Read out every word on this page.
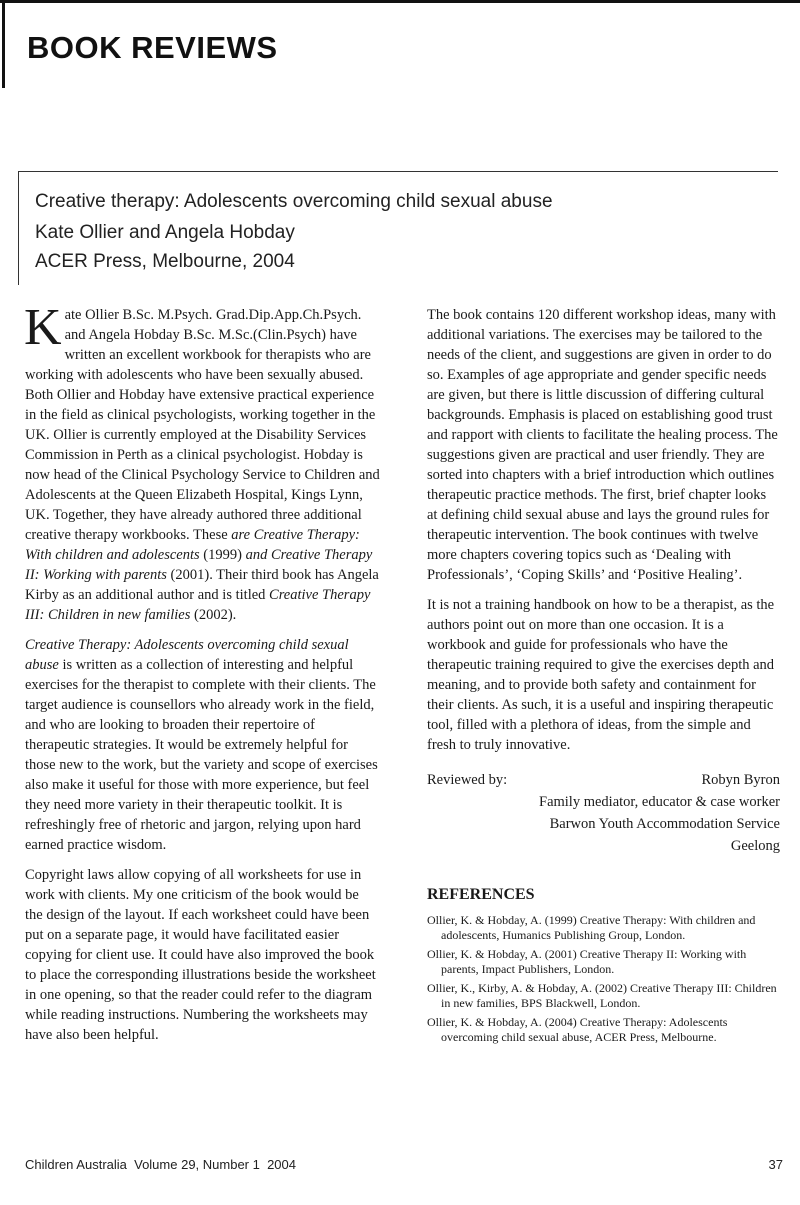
BOOK REVIEWS
Creative therapy: Adolescents overcoming child sexual abuse
Kate Ollier and Angela Hobday
ACER Press, Melbourne, 2004

Kate Ollier B.Sc. M.Psych. Grad.Dip.App.Ch.Psych. and Angela Hobday B.Sc. M.Sc.(Clin.Psych) have written an excellent workbook for therapists who are working with adolescents who have been sexually abused. Both Ollier and Hobday have extensive practical experience in the field as clinical psychologists, working together in the UK. Ollier is currently employed at the Disability Services Commission in Perth as a clinical psychologist. Hobday is now head of the Clinical Psychology Service to Children and Adolescents at the Queen Elizabeth Hospital, Kings Lynn, UK. Together, they have already authored three additional creative therapy workbooks. These are Creative Therapy: With children and adolescents (1999) and Creative Therapy II: Working with parents (2001). Their third book has Angela Kirby as an additional author and is titled Creative Therapy III: Children in new families (2002).

Creative Therapy: Adolescents overcoming child sexual abuse is written as a collection of interesting and helpful exercises for the therapist to complete with their clients. The target audience is counsellors who already work in the field, and who are looking to broaden their repertoire of therapeutic strategies. It would be extremely helpful for those new to the work, but the variety and scope of exercises also make it useful for those with more experience, but feel they need more variety in their therapeutic toolkit. It is refreshingly free of rhetoric and jargon, relying upon hard earned practice wisdom.

Copyright laws allow copying of all worksheets for use in work with clients. My one criticism of the book would be the design of the layout. If each worksheet could have been put on a separate page, it would have facilitated easier copying for client use. It could have also improved the book to place the corresponding illustrations beside the worksheet in one opening, so that the reader could refer to the diagram while reading instructions. Numbering the worksheets may have also been helpful.

The book contains 120 different workshop ideas, many with additional variations. The exercises may be tailored to the needs of the client, and suggestions are given in order to do so. Examples of age appropriate and gender specific needs are given, but there is little discussion of differing cultural backgrounds. Emphasis is placed on establishing good trust and rapport with clients to facilitate the healing process. The suggestions given are practical and user friendly. They are sorted into chapters with a brief introduction which outlines therapeutic practice methods. The first, brief chapter looks at defining child sexual abuse and lays the ground rules for therapeutic intervention. The book continues with twelve more chapters covering topics such as ‘Dealing with Professionals’, ‘Coping Skills’ and ‘Positive Healing’.

It is not a training handbook on how to be a therapist, as the authors point out on more than one occasion. It is a workbook and guide for professionals who have the therapeutic training required to give the exercises depth and meaning, and to provide both safety and containment for their clients. As such, it is a useful and inspiring therapeutic tool, filled with a plethora of ideas, from the simple and fresh to truly innovative.

Reviewed by:	Robyn Byron
Family mediator, educator & case worker
Barwon Youth Accommodation Service
Geelong
REFERENCES
Ollier, K. & Hobday, A. (1999) Creative Therapy: With children and adolescents, Humanics Publishing Group, London.
Ollier, K. & Hobday, A. (2001) Creative Therapy II: Working with parents, Impact Publishers, London.
Ollier, K., Kirby, A. & Hobday, A. (2002) Creative Therapy III: Children in new families, BPS Blackwell, London.
Ollier, K. & Hobday, A. (2004) Creative Therapy: Adolescents overcoming child sexual abuse, ACER Press, Melbourne.
Children Australia  Volume 29, Number 1  2004	37
